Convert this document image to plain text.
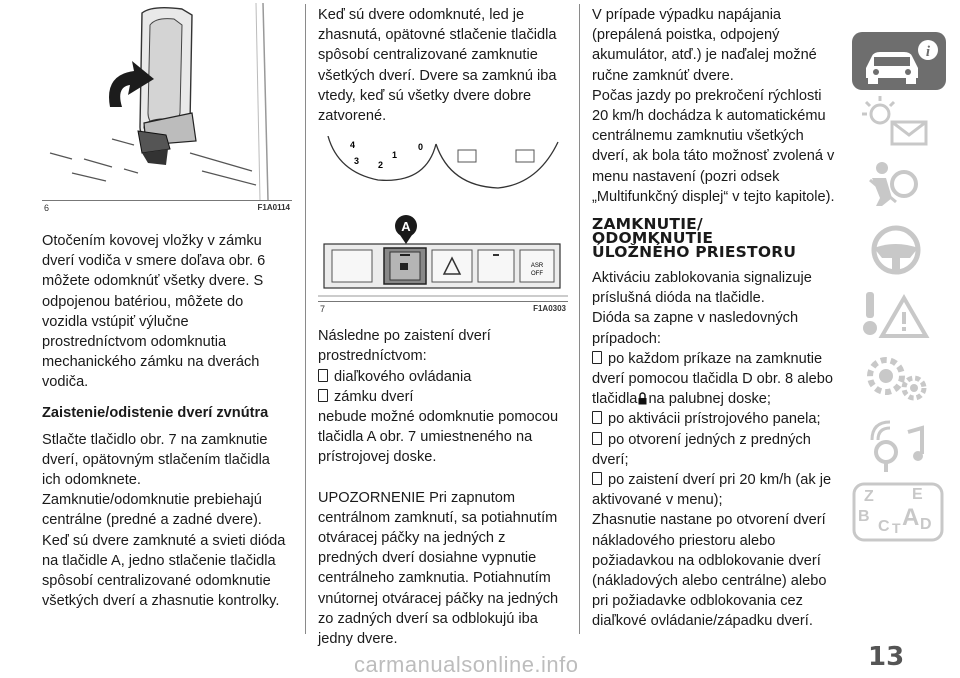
6	F1A0114

Otočením kovovej vložky v zámku dverí vodiča v smere doľava obr. 6 môžete odomknúť všetky dvere. S odpojenou batériou, môžete do vozidla vstúpiť výlučne prostredníctvom odomknutia mechanického zámku na dverách vodiča.

Zaistenie/odistenie dverí zvnútra

Stlačte tlačidlo obr. 7 na zamknutie dverí, opätovným stlačením tlačidla ich odomknete. Zamknutie/odomknutie prebiehajú centrálne (predné a zadné dvere).

Keď sú dvere zamknuté a svieti dióda na tlačidle A, jedno stlačenie tlačidla spôsobí centralizované odomknutie všetkých dverí a zhasnutie kontrolky.

Keď sú dvere odomknuté, led je zhasnutá, opätovné stlačenie tlačidla spôsobí centralizované zamknutie všetkých dverí. Dvere sa zamknú iba vtedy, keď sú všetky dvere dobre zatvorené.

4
3 2
1
0
A
ASR
OFF
7	F1A0303

Následne po zaistení dverí prostredníctvom:

diaľkového ovládania

zámku dverí

nebude možné odomknutie pomocou tlačidla A obr. 7 umiestneného na prístrojovej doske.

UPOZORNENIE Pri zapnutom centrálnom zamknutí, sa potiahnutím otváracej páčky na jedných z predných dverí dosiahne vypnutie centrálneho zamknutia. Potiahnutím vnútornej otváracej páčky na jedných zo zadných dverí sa odblokujú iba jedny dvere.

V prípade výpadku napájania (prepálená poistka, odpojený akumulátor, atď.) je naďalej možné ručne zamknúť dvere.

Počas jazdy po prekročení rýchlosti 20 km/h dochádza k automatickému centrálnemu zamknutiu všetkých dverí, ak bola táto možnosť zvolená v menu nastavení (pozri odsek „Multifunkčný displej“ v tejto kapitole).

ZAMKNUTIE/

ODOMKNUTIE

ÚLOŽNÉHO PRIESTORU

Aktiváciu zablokovania signalizuje príslušná dióda na tlačidle.

Dióda sa zapne v nasledovných prípadoch:

po každom príkaze na zamknutie dverí pomocou tlačidla D obr. 8 alebo tlačidla na palubnej doske;

po aktivácii prístrojového panela;

po otvorení jedných z predných dverí;

po zaistení dverí pri 20 km/h (ak je aktivované v menu);

Zhasnutie nastane po otvorení dverí nákladového priestoru alebo požiadavkou na odblokovanie dverí (nákladových alebo centrálne) alebo pri požiadavke odblokovania cez diaľkové ovládanie/západku dverí.

i
Z E
B A
C T D
13
carmanualsonline.info
